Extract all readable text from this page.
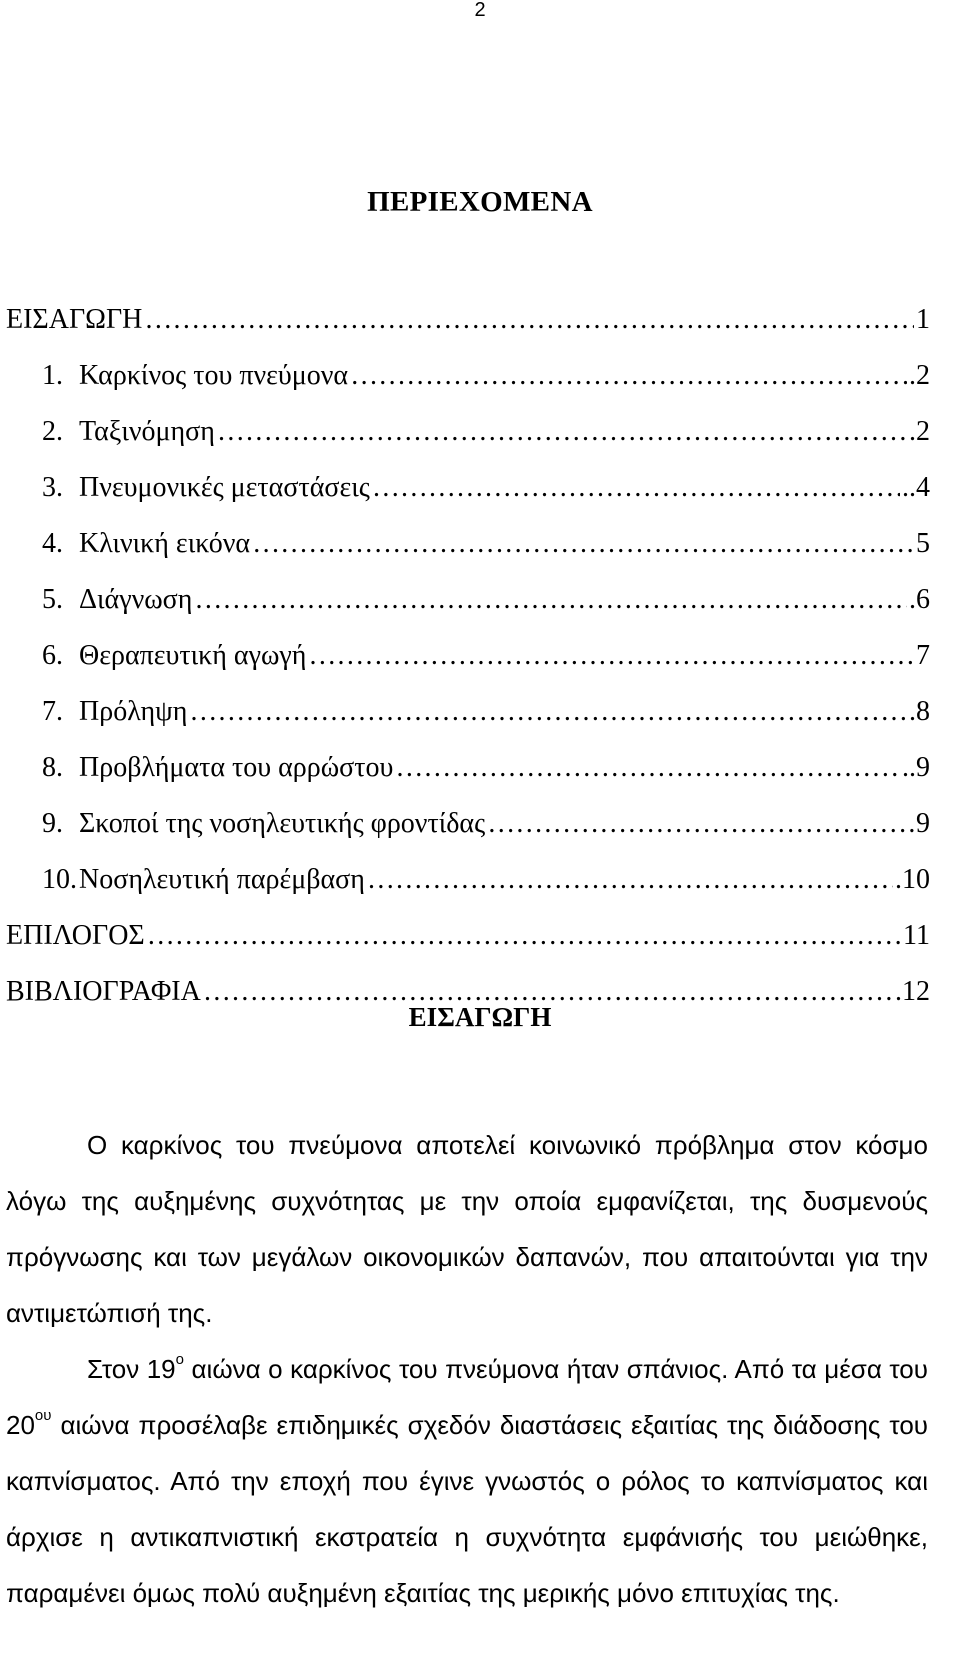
2
ΠΕΡΙΕΧΟΜΕΝΑ
ΕΙΣΑΓΩΓΗ …………………………………………………………………………………………………………………………………………	1
1. Καρκίνος του πνεύμονα …………………………………………………………………………………………………………………………………………	.2
2. Ταξινόμηση …………………………………………………………………………………………………………………………………………	.2
3. Πνευμονικές μεταστάσεις …………………………………………………………………………………………………………………………………………	..4
4. Κλινική εικόνα …………………………………………………………………………………………………………………………………………	5
5. Διάγνωση …………………………………………………………………………………………………………………………………………	.6
6. Θεραπευτική αγωγή …………………………………………………………………………………………………………………………………………	7
7. Πρόληψη …………………………………………………………………………………………………………………………………………	.8
8. Προβλήματα του αρρώστου …………………………………………………………………………………………………………………………………………	..9
9. Σκοποί της νοσηλευτικής φροντίδας …………………………………………………………………………………………………………………………………………	9
10. Νοσηλευτική παρέμβαση …………………………………………………………………………………………………………………………………………	.10
ΕΠΙΛΟΓΟΣ …………………………………………………………………………………………………………………………………………	11
ΒΙΒΛΙΟΓΡΑΦΙΑ …………………………………………………………………………………………………………………………………………	.12
ΕΙΣΑΓΩΓΗ

Ο καρκίνος του πνεύμονα αποτελεί κοινωνικό πρόβλημα στον κόσμο λόγω της αυξημένης συχνότητας με την οποία εμφανίζεται, της δυσμενούς πρόγνωσης και των μεγάλων οικονομικών δαπανών, που απαιτούνται για την αντιμετώπισή της.

Στον $19^o$ αιώνα ο καρκίνος του πνεύμονα ήταν σπάνιος. Από τα μέσα του $20^{o\upsilon}$ αιώνα προσέλαβε επιδημικές σχεδόν διαστάσεις εξαιτίας της διάδοσης του καπνίσματος. Από την εποχή που έγινε γνωστός ο ρόλος το καπνίσματος και άρχισε η αντικαπνιστική εκστρατεία η συχνότητα εμφάνισής του μειώθηκε, παραμένει όμως πολύ αυξημένη εξαιτίας της μερικής μόνο επιτυχίας της.
